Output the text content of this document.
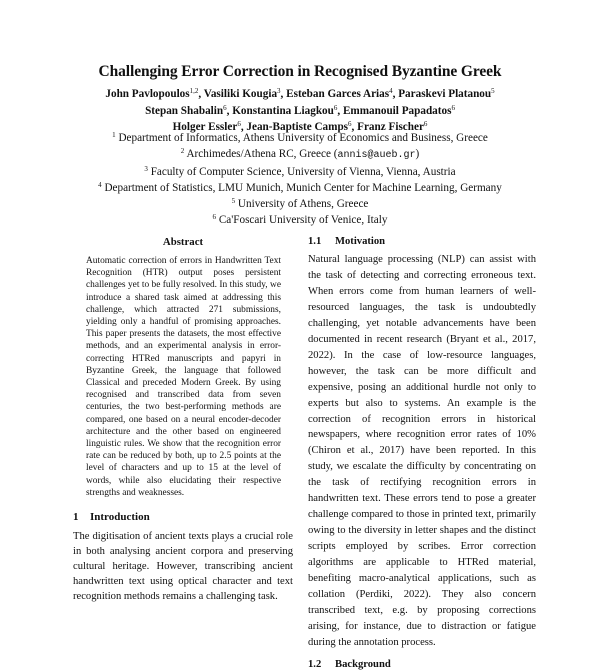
Challenging Error Correction in Recognised Byzantine Greek
John Pavlopoulos$^{1,2}$, Vasiliki Kougia$^3$, Esteban Garces Arias$^4$, Paraskevi Platanou$^5$
Stepan Shabalin$^6$, Konstantina Liagkou$^6$, Emmanouil Papadatos$^6$
Holger Essler$^6$, Jean-Baptiste Camps$^6$, Franz Fischer$^6$
$^1$ Department of Informatics, Athens University of Economics and Business, Greece
$^2$ Archimedes/Athena RC, Greece (annis@aueb.gr)
$^3$ Faculty of Computer Science, University of Vienna, Vienna, Austria
$^4$ Department of Statistics, LMU Munich, Munich Center for Machine Learning, Germany
$^5$ University of Athens, Greece
$^6$ Ca'Foscari University of Venice, Italy
Abstract

Automatic correction of errors in Handwritten Text Recognition (HTR) output poses persistent challenges yet to be fully resolved. In this study, we introduce a shared task aimed at addressing this challenge, which attracted 271 submissions, yielding only a handful of promising approaches. This paper presents the datasets, the most effective methods, and an experimental analysis in error-correcting HTRed manuscripts and papyri in Byzantine Greek, the language that followed Classical and preceded Modern Greek. By using recognised and transcribed data from seven centuries, the two best-performing methods are compared, one based on a neural encoder-decoder architecture and the other based on engineered linguistic rules. We show that the recognition error rate can be reduced by both, up to 2.5 points at the level of characters and up to 15 at the level of words, while also elucidating their respective strengths and weaknesses.

1 Introduction

The digitisation of ancient texts plays a crucial role in both analysing ancient corpora and preserving cultural heritage. However, transcribing ancient handwritten text using optical character and text recognition methods remains a challenging task.

1.1 Motivation

Natural language processing (NLP) can assist with the task of detecting and correcting erroneous text. When errors come from human learners of well-resourced languages, the task is undoubtedly challenging, yet notable advancements have been documented in recent research (Bryant et al., 2017, 2022). In the case of low-resource languages, however, the task can be more difficult and expensive, posing an additional hurdle not only to experts but also to systems. An example is the correction of recognition errors in historical newspapers, where recognition error rates of 10% (Chiron et al., 2017) have been reported. In this study, we escalate the difficulty by concentrating on the task of rectifying recognition errors in handwritten text. These errors tend to pose a greater challenge compared to those in printed text, primarily owing to the diversity in letter shapes and the distinct scripts employed by scribes. Error correction algorithms are applicable to HTRed material, benefiting macro-analytical applications, such as collation (Perdiki, 2022). They also concern transcribed text, e.g. by proposing corrections arising, for instance, due to distraction or fatigue during the annotation process.

1.2 Background
